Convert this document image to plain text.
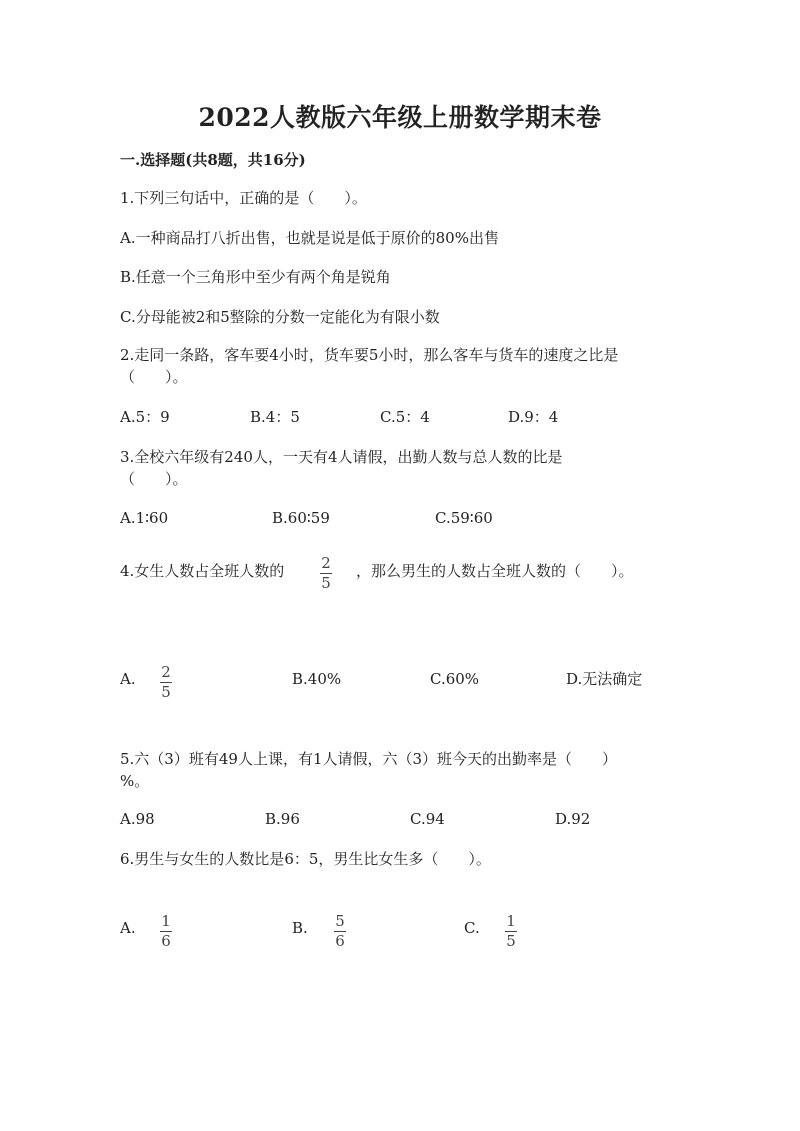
2022人教版六年级上册数学期末卷
一.选择题(共8题，共16分)
1.下列三句话中，正确的是（　　）。
A.一种商品打八折出售，也就是说是低于原价的80%出售
B.任意一个三角形中至少有两个角是锐角
C.分母能被2和5整除的分数一定能化为有限小数
2.走同一条路，客车要4小时，货车要5小时，那么客车与货车的速度之比是
（　　）。
A.5：9	B.4：5	C.5：4	D.9：4
3.全校六年级有240人，一天有4人请假，出勤人数与总人数的比是
（　　）。
A.1∶60	B.60∶59	C.59∶60
4.女生人数占全班人数的 $\frac{2}{5}$ ，那么男生的人数占全班人数的（　　）。
A. $\frac{2}{5}$	B.40%	C.60%	D.无法确定
5.六（3）班有49人上课，有1人请假，六（3）班今天的出勤率是（　　）
%。
A.98	B.96	C.94	D.92
6.男生与女生的人数比是6：5，男生比女生多（　　）。
A. $\frac{1}{6}$	B. $\frac{5}{6}$	C. $\frac{1}{5}$
